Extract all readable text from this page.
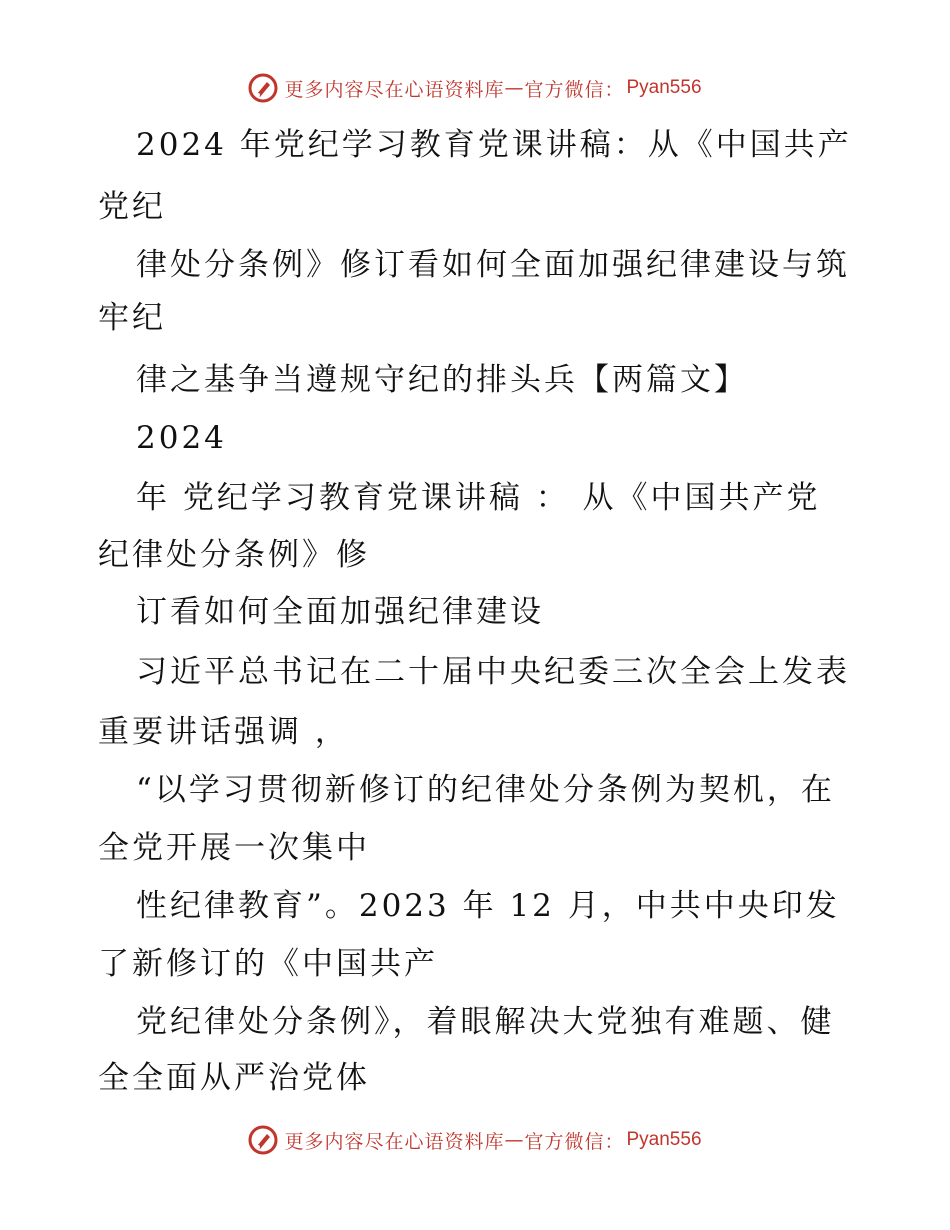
更多内容尽在心语资料库 — 官方微信： Pyan556
2024 年党纪学习教育党课讲稿：从《中国共产
党纪
律处分条例》修订看如何全面加强纪律建设与筑
牢纪
律之基争当遵规守纪的排头兵【两篇文】
2024
年 党纪学习教育党课讲稿 ： 从《中国共产党
纪律处分条例》修
订看如何全面加强纪律建设
习近平总书记在二十届中央纪委三次全会上发表
重要讲话强调 ，
“以学习贯彻新修订的纪律处分条例为契机，在
全党开展一次集中
性纪律教育”。2023 年 12 月，中共中央印发
了新修订的《中国共产
党纪律处分条例》，着眼解决大党独有难题、健
全全面从严治党体
更多内容尽在心语资料库 — 官方微信： Pyan556
